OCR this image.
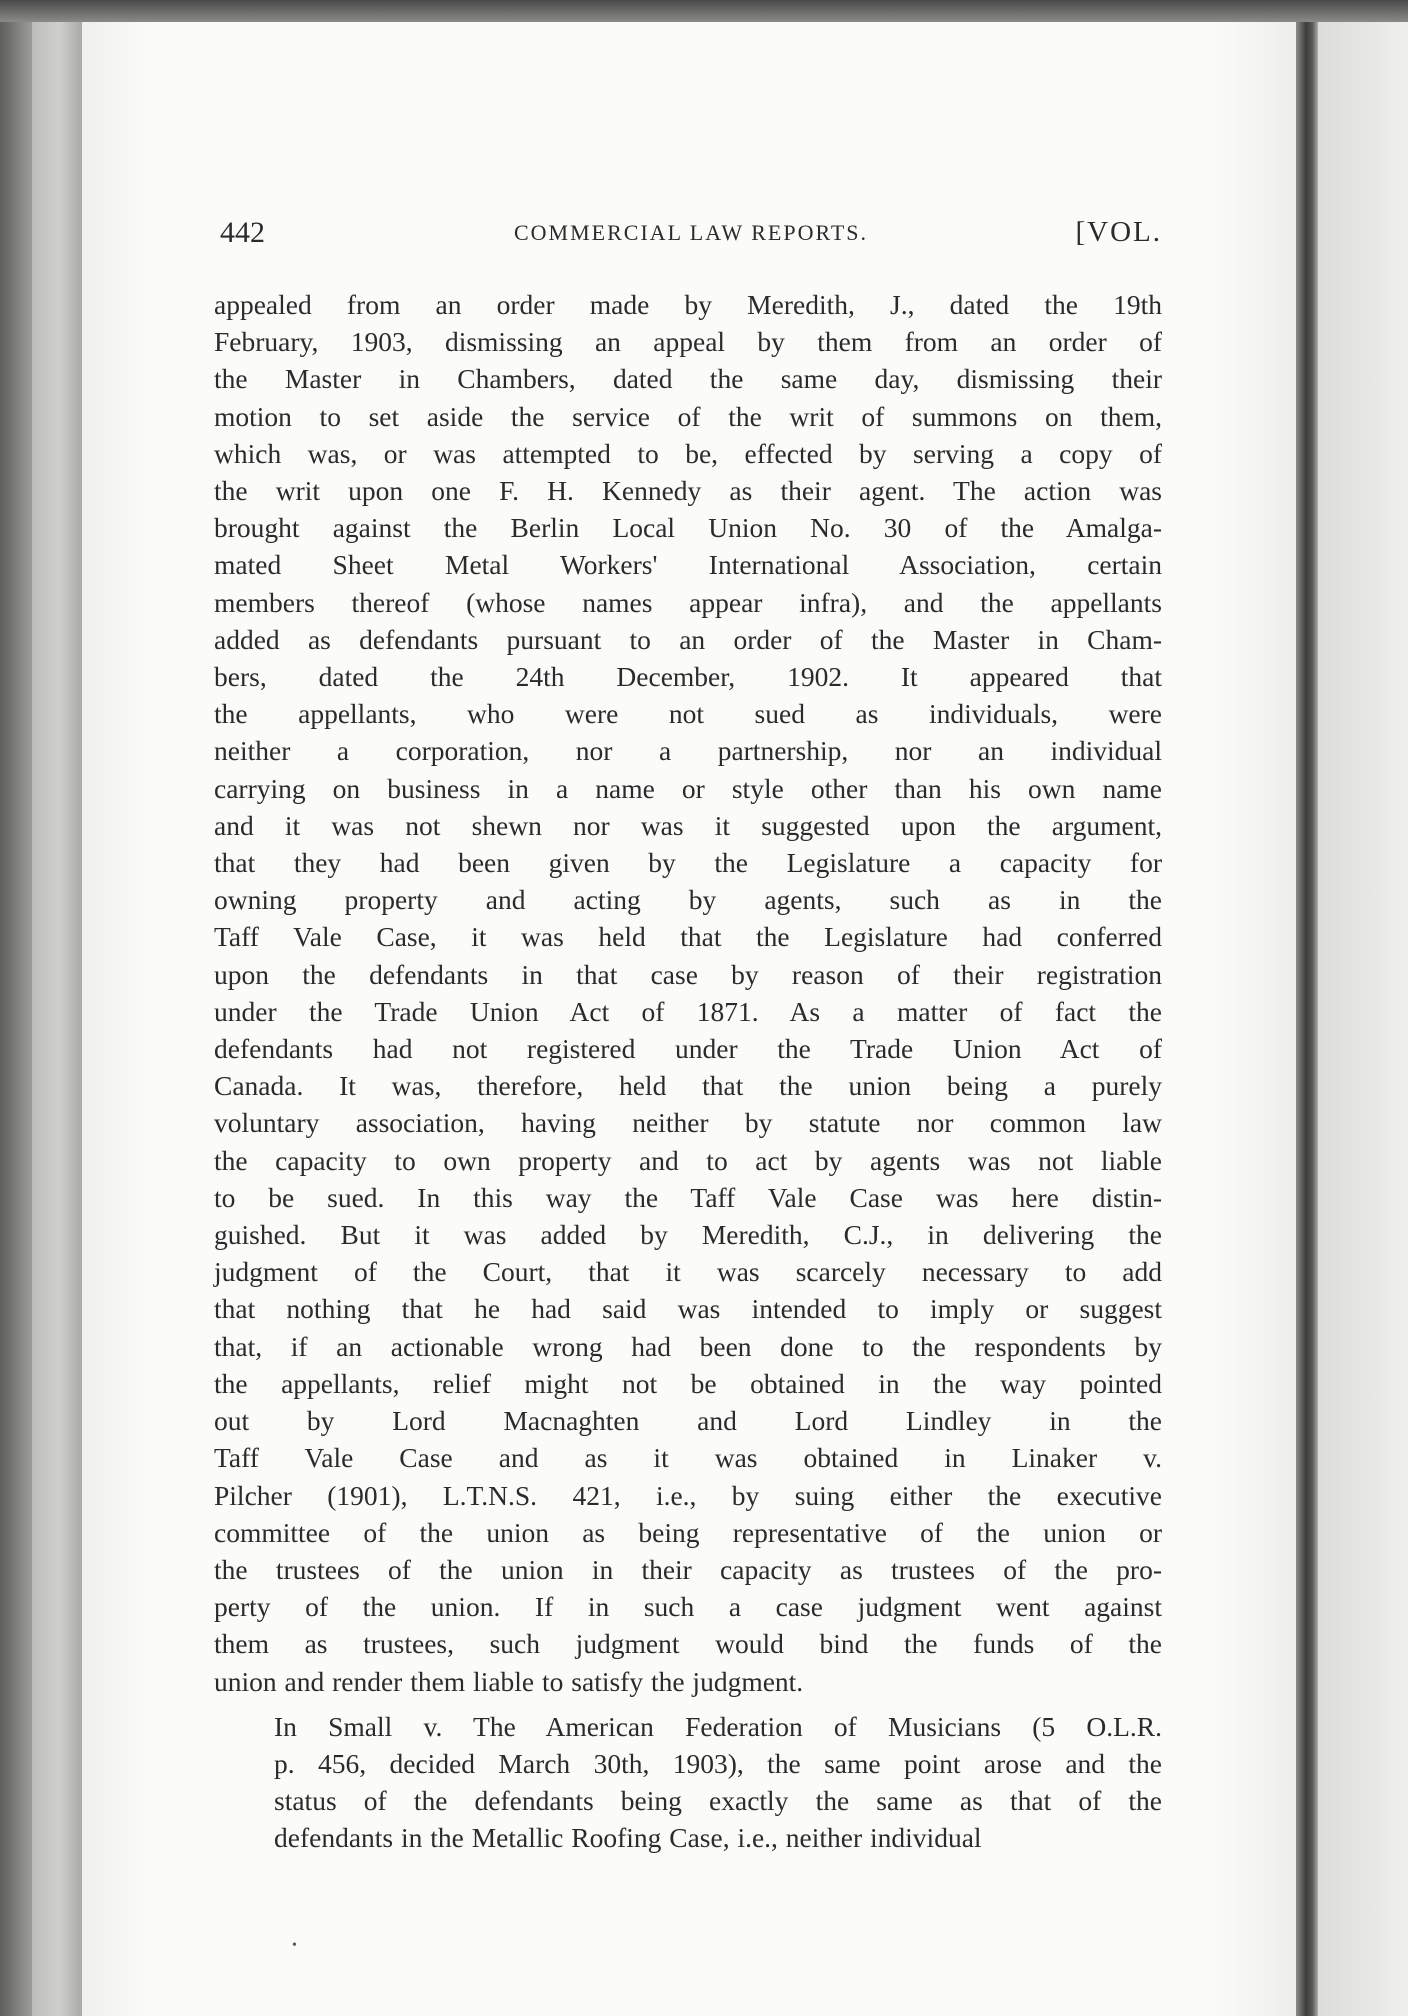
442	COMMERCIAL LAW REPORTS.	[VOL.

appealed from an order made by Meredith, J., dated the 19th
February, 1903, dismissing an appeal by them from an order of
the Master in Chambers, dated the same day, dismissing their
motion to set aside the service of the writ of summons on them,
which was, or was attempted to be, effected by serving a copy of
the writ upon one F. H. Kennedy as their agent. The action was
brought against the Berlin Local Union No. 30 of the Amalga-
mated Sheet Metal Workers' International Association, certain
members thereof (whose names appear infra), and the appellants
added as defendants pursuant to an order of the Master in Cham-
bers, dated the 24th December, 1902. It appeared that
the appellants, who were not sued as individuals, were
neither a corporation, nor a partnership, nor an individual
carrying on business in a name or style other than his own name
and it was not shewn nor was it suggested upon the argument,
that they had been given by the Legislature a capacity for
owning property and acting by agents, such as in the
Taff Vale Case, it was held that the Legislature had conferred
upon the defendants in that case by reason of their registration
under the Trade Union Act of 1871. As a matter of fact the
defendants had not registered under the Trade Union Act of
Canada. It was, therefore, held that the union being a purely
voluntary association, having neither by statute nor common law
the capacity to own property and to act by agents was not liable
to be sued. In this way the Taff Vale Case was here distin-
guished. But it was added by Meredith, C.J., in delivering the
judgment of the Court, that it was scarcely necessary to add
that nothing that he had said was intended to imply or suggest
that, if an actionable wrong had been done to the respondents by
the appellants, relief might not be obtained in the way pointed
out by Lord Macnaghten and Lord Lindley in the
Taff Vale Case and as it was obtained in Linaker v.
Pilcher (1901), L.T.N.S. 421, i.e., by suing either the executive
committee of the union as being representative of the union or
the trustees of the union in their capacity as trustees of the pro-
perty of the union. If in such a case judgment went against
them as trustees, such judgment would bind the funds of the
union and render them liable to satisfy the judgment.

In Small v. The American Federation of Musicians (5 O.L.R.
p. 456, decided March 30th, 1903), the same point arose and the
status of the defendants being exactly the same as that of the
defendants in the Metallic Roofing Case, i.e., neither individual

•
